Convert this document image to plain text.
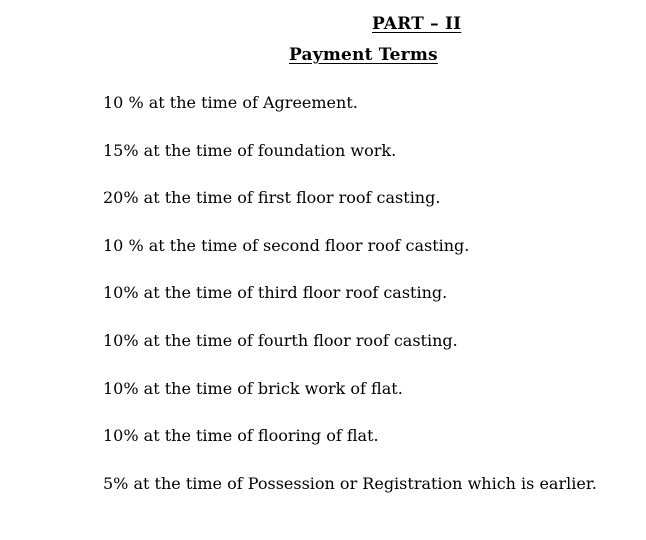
PART – II
Payment Terms
10 % at the time of Agreement.
15% at the time of foundation work.
20% at the time of first floor roof casting.
10 % at the time of second floor roof casting.
10% at the time of third floor roof casting.
10% at the time of fourth floor roof casting.
10% at the time of brick work of flat.
10% at the time of flooring of flat.
5% at the time of Possession or Registration which is earlier.
